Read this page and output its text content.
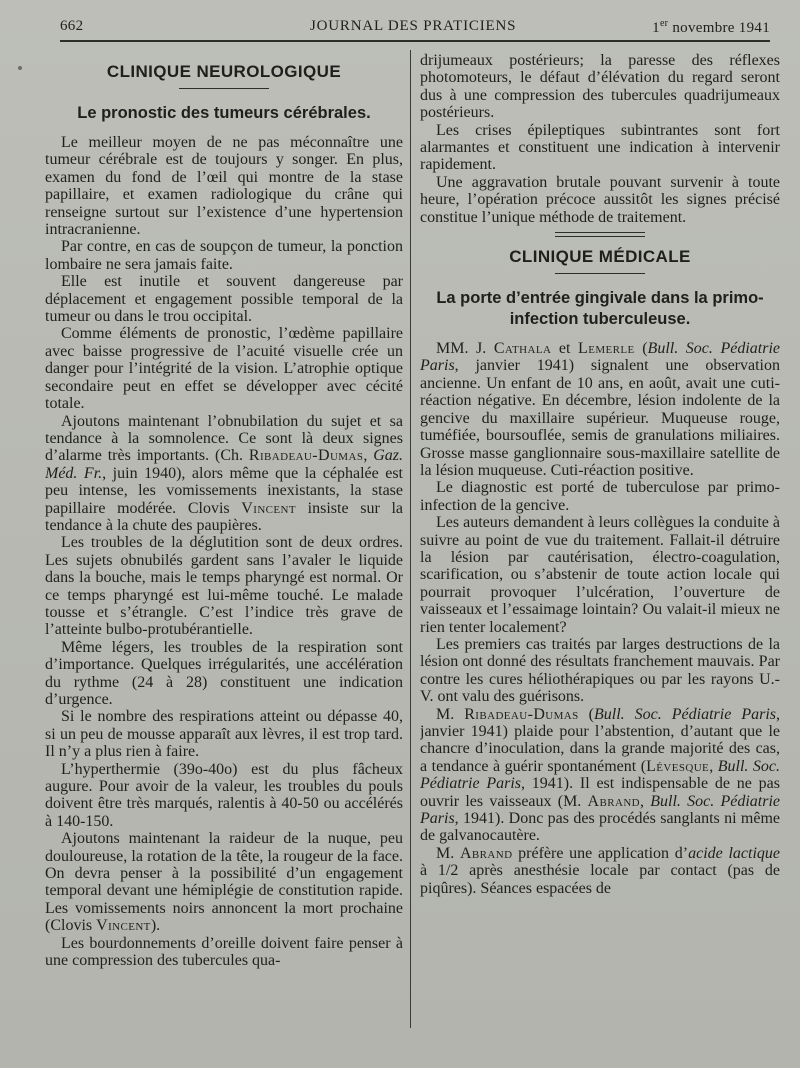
662	JOURNAL DES PRATICIENS	1er novembre 1941
CLINIQUE NEUROLOGIQUE
Le pronostic des tumeurs cérébrales.

Le meilleur moyen de ne pas méconnaître une tumeur cérébrale est de toujours y songer. En plus, examen du fond de l’œil qui montre de la stase papillaire, et examen radiologique du crâne qui renseigne surtout sur l’existence d’une hypertension intracranienne.

Par contre, en cas de soupçon de tumeur, la ponction lombaire ne sera jamais faite.

Elle est inutile et souvent dangereuse par déplacement et engagement possible temporal de la tumeur ou dans le trou occipital.

Comme éléments de pronostic, l’œdème papillaire avec baisse progressive de l’acuité visuelle crée un danger pour l’intégrité de la vision. L’atrophie optique secondaire peut en effet se développer avec cécité totale.

Ajoutons maintenant l’obnubilation du sujet et sa tendance à la somnolence. Ce sont là deux signes d’alarme très importants. (Ch. Ribadeau-Dumas, Gaz. Méd. Fr., juin 1940), alors même que la céphalée est peu intense, les vomissements inexistants, la stase papillaire modérée. Clovis Vincent insiste sur la tendance à la chute des paupières.

Les troubles de la déglutition sont de deux ordres. Les sujets obnubilés gardent sans l’avaler le liquide dans la bouche, mais le temps pharyngé est normal. Or ce temps pharyngé est lui-même touché. Le malade tousse et s’étrangle. C’est l’indice très grave de l’atteinte bulbo-protubérantielle.

Même légers, les troubles de la respiration sont d’importance. Quelques irrégularités, une accélération du rythme (24 à 28) constituent une indication d’urgence.

Si le nombre des respirations atteint ou dépasse 40, si un peu de mousse apparaît aux lèvres, il est trop tard. Il n’y a plus rien à faire.

L’hyperthermie (39o-40o) est du plus fâcheux augure. Pour avoir de la valeur, les troubles du pouls doivent être très marqués, ralentis à 40-50 ou accélérés à 140-150.

Ajoutons maintenant la raideur de la nuque, peu douloureuse, la rotation de la tête, la rougeur de la face. On devra penser à la possibilité d’un engagement temporal devant une hémiplégie de constitution rapide. Les vomissements noirs annoncent la mort prochaine (Clovis Vincent).

Les bourdonnements d’oreille doivent faire penser à une compression des tubercules qua-

drijumeaux postérieurs; la paresse des réflexes photomoteurs, le défaut d’élévation du regard seront dus à une compression des tubercules quadrijumeaux postérieurs.

Les crises épileptiques subintrantes sont fort alarmantes et constituent une indication à intervenir rapidement.

Une aggravation brutale pouvant survenir à toute heure, l’opération précoce aussitôt les signes précisé constitue l’unique méthode de traitement.

CLINIQUE MÉDICALE
La porte d’entrée gingivale dans la primo-infection tuberculeuse.

MM. J. Cathala et Lemerle (Bull. Soc. Pédiatrie Paris, janvier 1941) signalent une observation ancienne. Un enfant de 10 ans, en août, avait une cuti-réaction négative. En décembre, lésion indolente de la gencive du maxillaire supérieur. Muqueuse rouge, tuméfiée, boursouflée, semis de granulations miliaires. Grosse masse ganglionnaire sous-maxillaire satellite de la lésion muqueuse. Cuti-réaction positive.

Le diagnostic est porté de tuberculose par primo-infection de la gencive.

Les auteurs demandent à leurs collègues la conduite à suivre au point de vue du traitement. Fallait-il détruire la lésion par cautérisation, électro-coagulation, scarification, ou s’abstenir de toute action locale qui pourrait provoquer l’ulcération, l’ouverture de vaisseaux et l’essaimage lointain? Ou valait-il mieux ne rien tenter localement?

Les premiers cas traités par larges destructions de la lésion ont donné des résultats franchement mauvais. Par contre les cures héliothérapiques ou par les rayons U.-V. ont valu des guérisons.

M. Ribadeau-Dumas (Bull. Soc. Pédiatrie Paris, janvier 1941) plaide pour l’abstention, d’autant que le chancre d’inoculation, dans la grande majorité des cas, a tendance à guérir spontanément (Lévesque, Bull. Soc. Pédiatrie Paris, 1941). Il est indispensable de ne pas ouvrir les vaisseaux (M. Abrand, Bull. Soc. Pédiatrie Paris, 1941). Donc pas des procédés sanglants ni même de galvanocautère.

M. Abrand préfère une application d’acide lactique à 1/2 après anesthésie locale par contact (pas de piqûres). Séances espacées de
